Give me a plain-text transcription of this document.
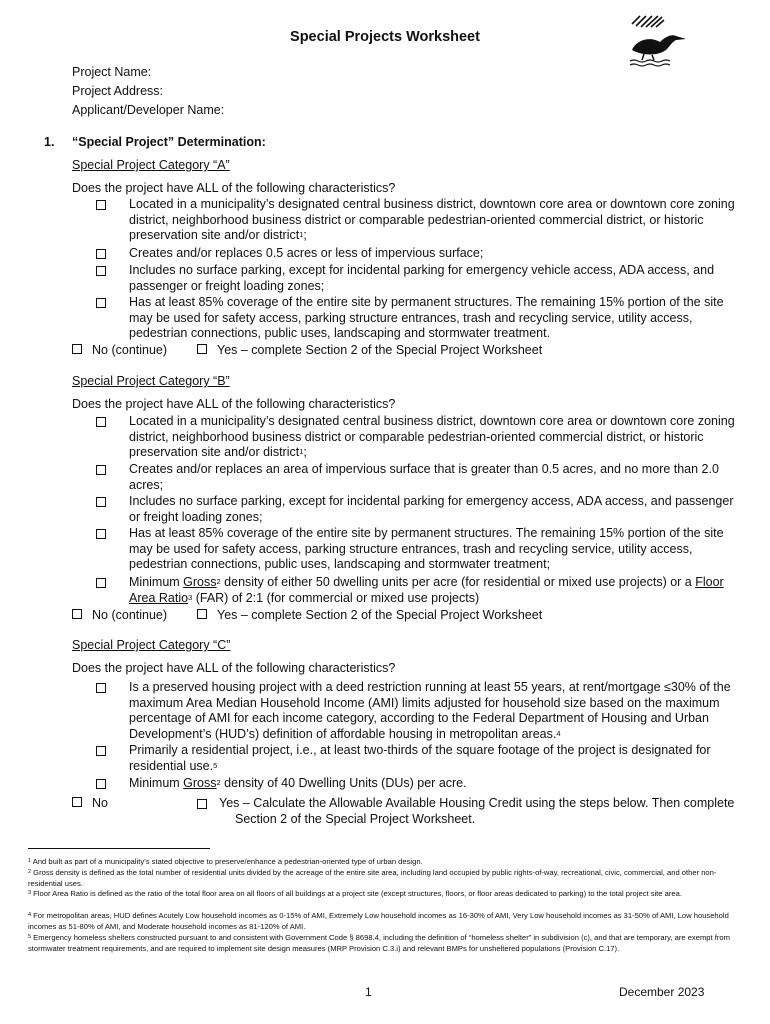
Special Projects Worksheet
Project Name:
Project Address:
Applicant/Developer Name:
1. “Special Project” Determination:
Special Project Category “A”
Does the project have ALL of the following characteristics?
Located in a municipality’s designated central business district, downtown core area or downtown core zoning district, neighborhood business district or comparable pedestrian-oriented commercial district, or historic preservation site and/or district$^1$;
Creates and/or replaces 0.5 acres or less of impervious surface;
Includes no surface parking, except for incidental parking for emergency vehicle access, ADA access, and passenger or freight loading zones;
Has at least 85% coverage of the entire site by permanent structures. The remaining 15% portion of the site may be used for safety access, parking structure entrances, trash and recycling service, utility access, pedestrian connections, public uses, landscaping and stormwater treatment.
No (continue)	Yes – complete Section 2 of the Special Project Worksheet
Special Project Category “B”
Does the project have ALL of the following characteristics?
Located in a municipality’s designated central business district, downtown core area or downtown core zoning district, neighborhood business district or comparable pedestrian-oriented commercial district, or historic preservation site and/or district$^1$;
Creates and/or replaces an area of impervious surface that is greater than 0.5 acres, and no more than 2.0 acres;
Includes no surface parking, except for incidental parking for emergency access, ADA access, and passenger or freight loading zones;
Has at least 85% coverage of the entire site by permanent structures. The remaining 15% portion of the site may be used for safety access, parking structure entrances, trash and recycling service, utility access, pedestrian connections, public uses, landscaping and stormwater treatment;
Minimum Gross$^2$ density of either 50 dwelling units per acre (for residential or mixed use projects) or a Floor Area Ratio$^3$ (FAR) of 2:1 (for commercial or mixed use projects)
No (continue)	Yes – complete Section 2 of the Special Project Worksheet
Special Project Category “C”
Does the project have ALL of the following characteristics?
Is a preserved housing project with a deed restriction running at least 55 years, at rent/mortgage ≤30% of the maximum Area Median Household Income (AMI) limits adjusted for household size based on the maximum percentage of AMI for each income category, according to the Federal Department of Housing and Urban Development’s (HUD’s) definition of affordable housing in metropolitan areas.$^4$
Primarily a residential project, i.e., at least two-thirds of the square footage of the project is designated for residential use.$^5$
Minimum Gross$^2$ density of 40 Dwelling Units (DUs) per acre.
No	Yes – Calculate the Allowable Available Housing Credit using the steps below. Then complete
Section 2 of the Special Project Worksheet.
$^1$ And built as part of a municipality’s stated objective to preserve/enhance a pedestrian-oriented type of urban design.
$^2$ Gross density is defined as the total number of residential units divided by the acreage of the entire site area, including land occupied by public rights-of-way, recreational, civic, commercial, and other non-residential uses.
$^3$ Floor Area Ratio is defined as the ratio of the total floor area on all floors of all buildings at a project site (except structures, floors, or floor areas dedicated to parking) to the total project site area.
$^4$ For metropolitan areas, HUD defines Acutely Low household incomes as 0-15% of AMI, Extremely Low household incomes as 16-30% of AMI, Very Low household incomes as 31-50% of AMI, Low household incomes as 51-80% of AMI, and Moderate household incomes as 81-120% of AMI.
$^5$ Emergency homeless shelters constructed pursuant to and consistent with Government Code § 8698.4, including the definition of “homeless shelter” in subdivision (c), and that are temporary, are exempt from stormwater treatment requirements, and are required to implement site design measures (MRP Provision C.3.i) and relevant BMPs for unsheltered populations (Provision C.17).
1	December 2023
